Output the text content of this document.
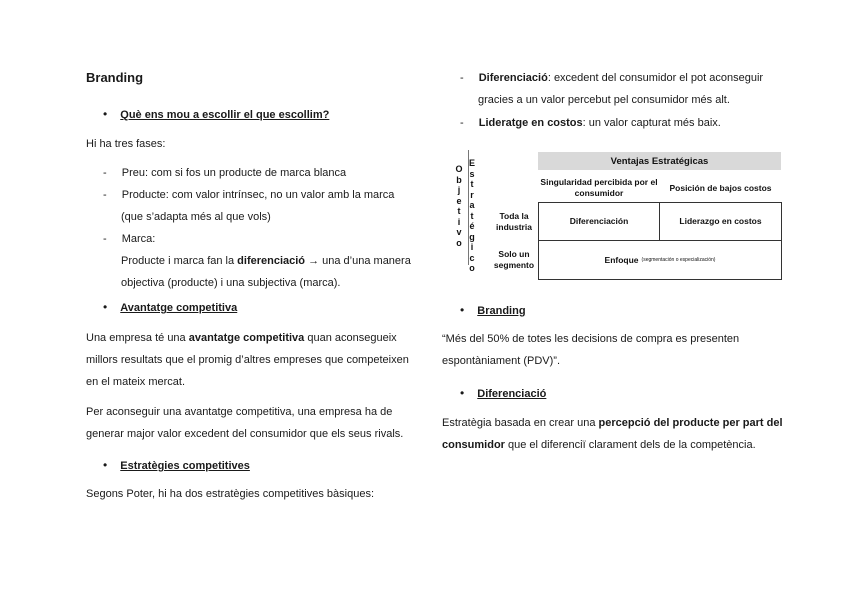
Branding
• Què ens mou a escollir el que escollim?
Hi ha tres fases:
- Preu: com si fos un producte de marca blanca
- Producte: com valor intrínsec, no un valor amb la marca
(que s’adapta més al que vols)
- Marca:
Producte i marca fan la diferenciació → una d’una manera
objectiva (producte) i una subjectiva (marca).
• Avantatge competitiva
Una empresa té una avantatge competitiva quan aconsegueix
millors resultats que el promig d’altres empreses que competeixen
en el mateix mercat.
Per aconseguir una avantatge competitiva, una empresa ha de
generar major valor excedent del consumidor que els seus rivals.
• Estratègies competitives
Segons Poter, hi ha dos estratègies competitives bàsiques:
- Diferenciació: excedent del consumidor el pot aconseguir
gracies a un valor percebut pel consumidor més alt.
- Lideratge en costos: un valor capturat més baix.
O
b
j
e
t
i
v
o
E
s
t
r
a
t
é
g
i
c
o
Ventajas Estratégicas
Singularidad percibida por el consumidor
Posición de bajos costos
Toda la industria
Solo un segmento
Diferenciación	Liderazgo en costos
Enfoque (segmentación o especialización)
• Branding
“Més del 50% de totes les decisions de compra es presenten
espontàniament (PDV)”.
• Diferenciació
Estratègia basada en crear una percepció del producte per part del
consumidor que el diferenciï clarament dels de la competència.
